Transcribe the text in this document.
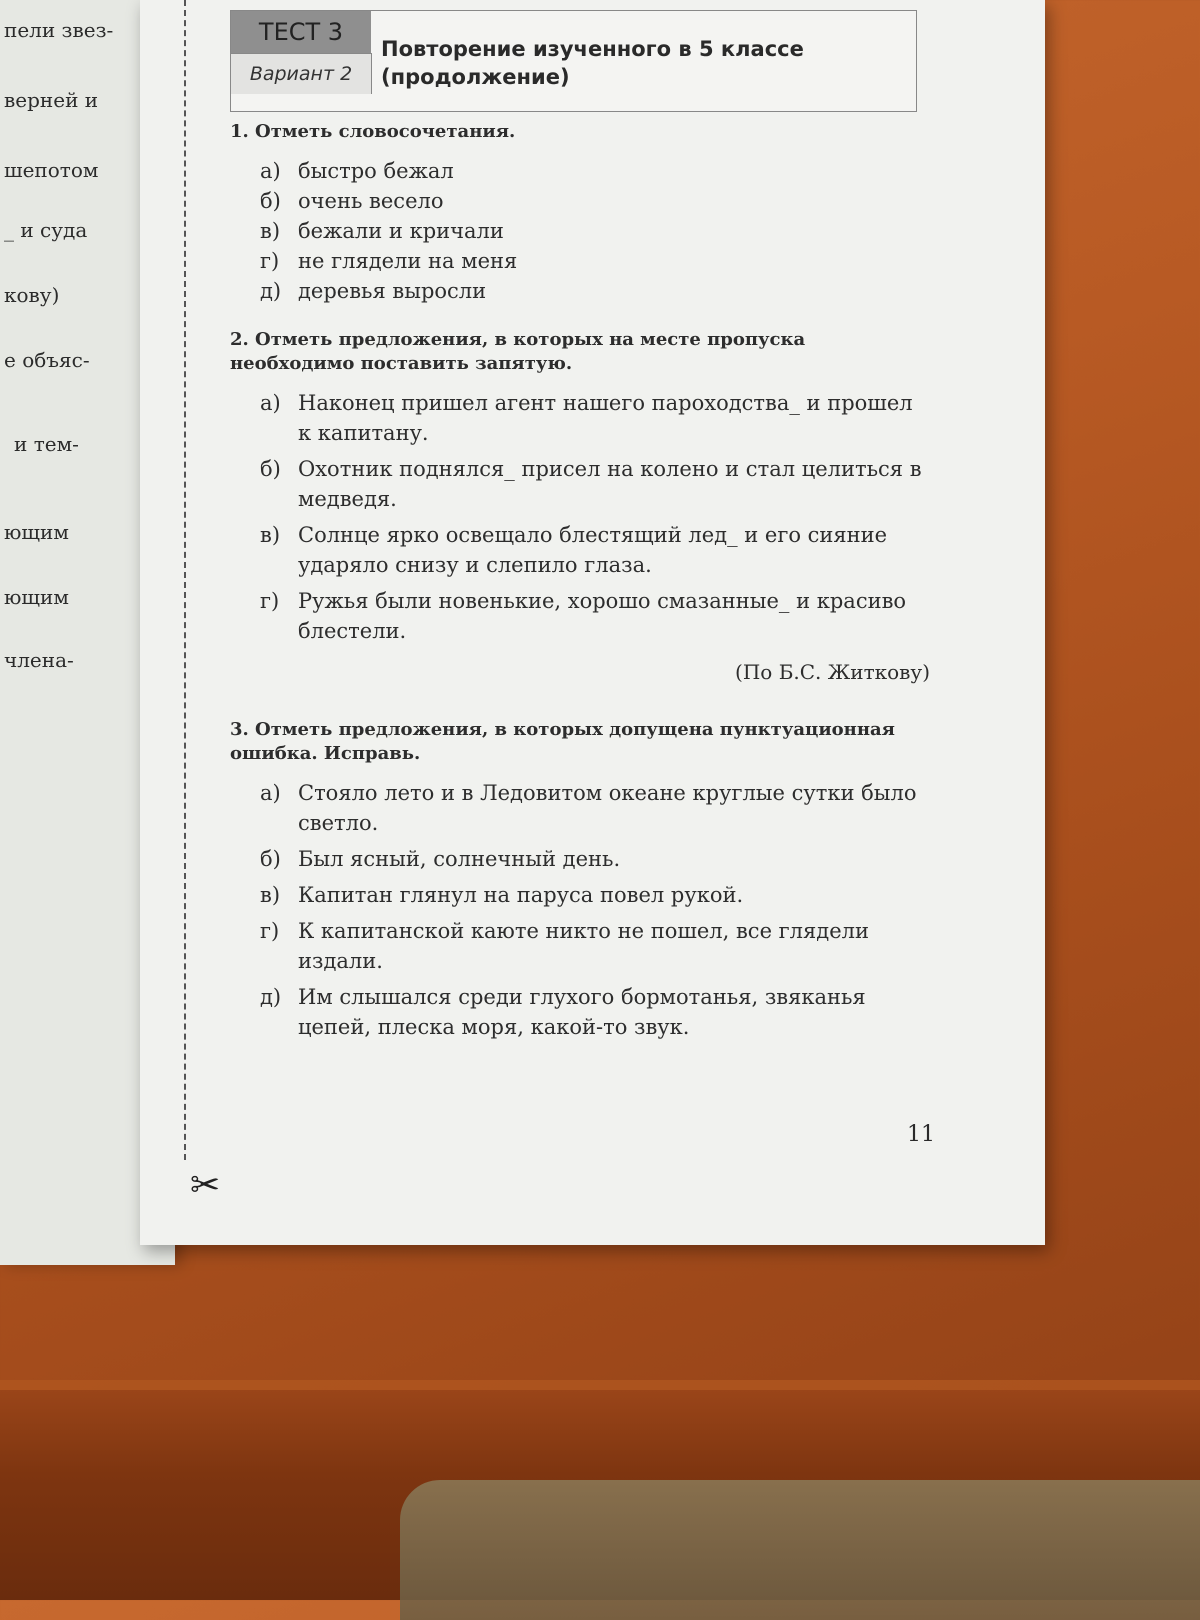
пели звез-
верней и
шепотом
_ и суда
кову)
е объяс-
и тем-
ющим
ющим
члена-
✂
ТЕСТ 3
Вариант 2
Повторение изученного в 5 классе
(продолжение)
1. Отметь словосочетания.
а) быстро бежал
б) очень весело
в) бежали и кричали
г) не глядели на меня
д) деревья выросли
2. Отметь предложения, в которых на месте пропуска необходимо поставить запятую.
а) Наконец пришел агент нашего пароходства_ и прошел к капитану.
б) Охотник поднялся_ присел на колено и стал целиться в медведя.
в) Солнце ярко освещало блестящий лед_ и его сияние ударяло снизу и слепило глаза.
г) Ружья были новенькие, хорошо смазанные_ и красиво блестели.
(По Б.С. Житкову)
3. Отметь предложения, в которых допущена пунктуационная ошибка. Исправь.
а) Стояло лето и в Ледовитом океане круглые сутки было светло.
б) Был ясный, солнечный день.
в) Капитан глянул на паруса повел рукой.
г) К капитанской каюте никто не пошел, все глядели издали.
д) Им слышался среди глухого бормотанья, звяканья цепей, плеска моря, какой-то звук.
11
